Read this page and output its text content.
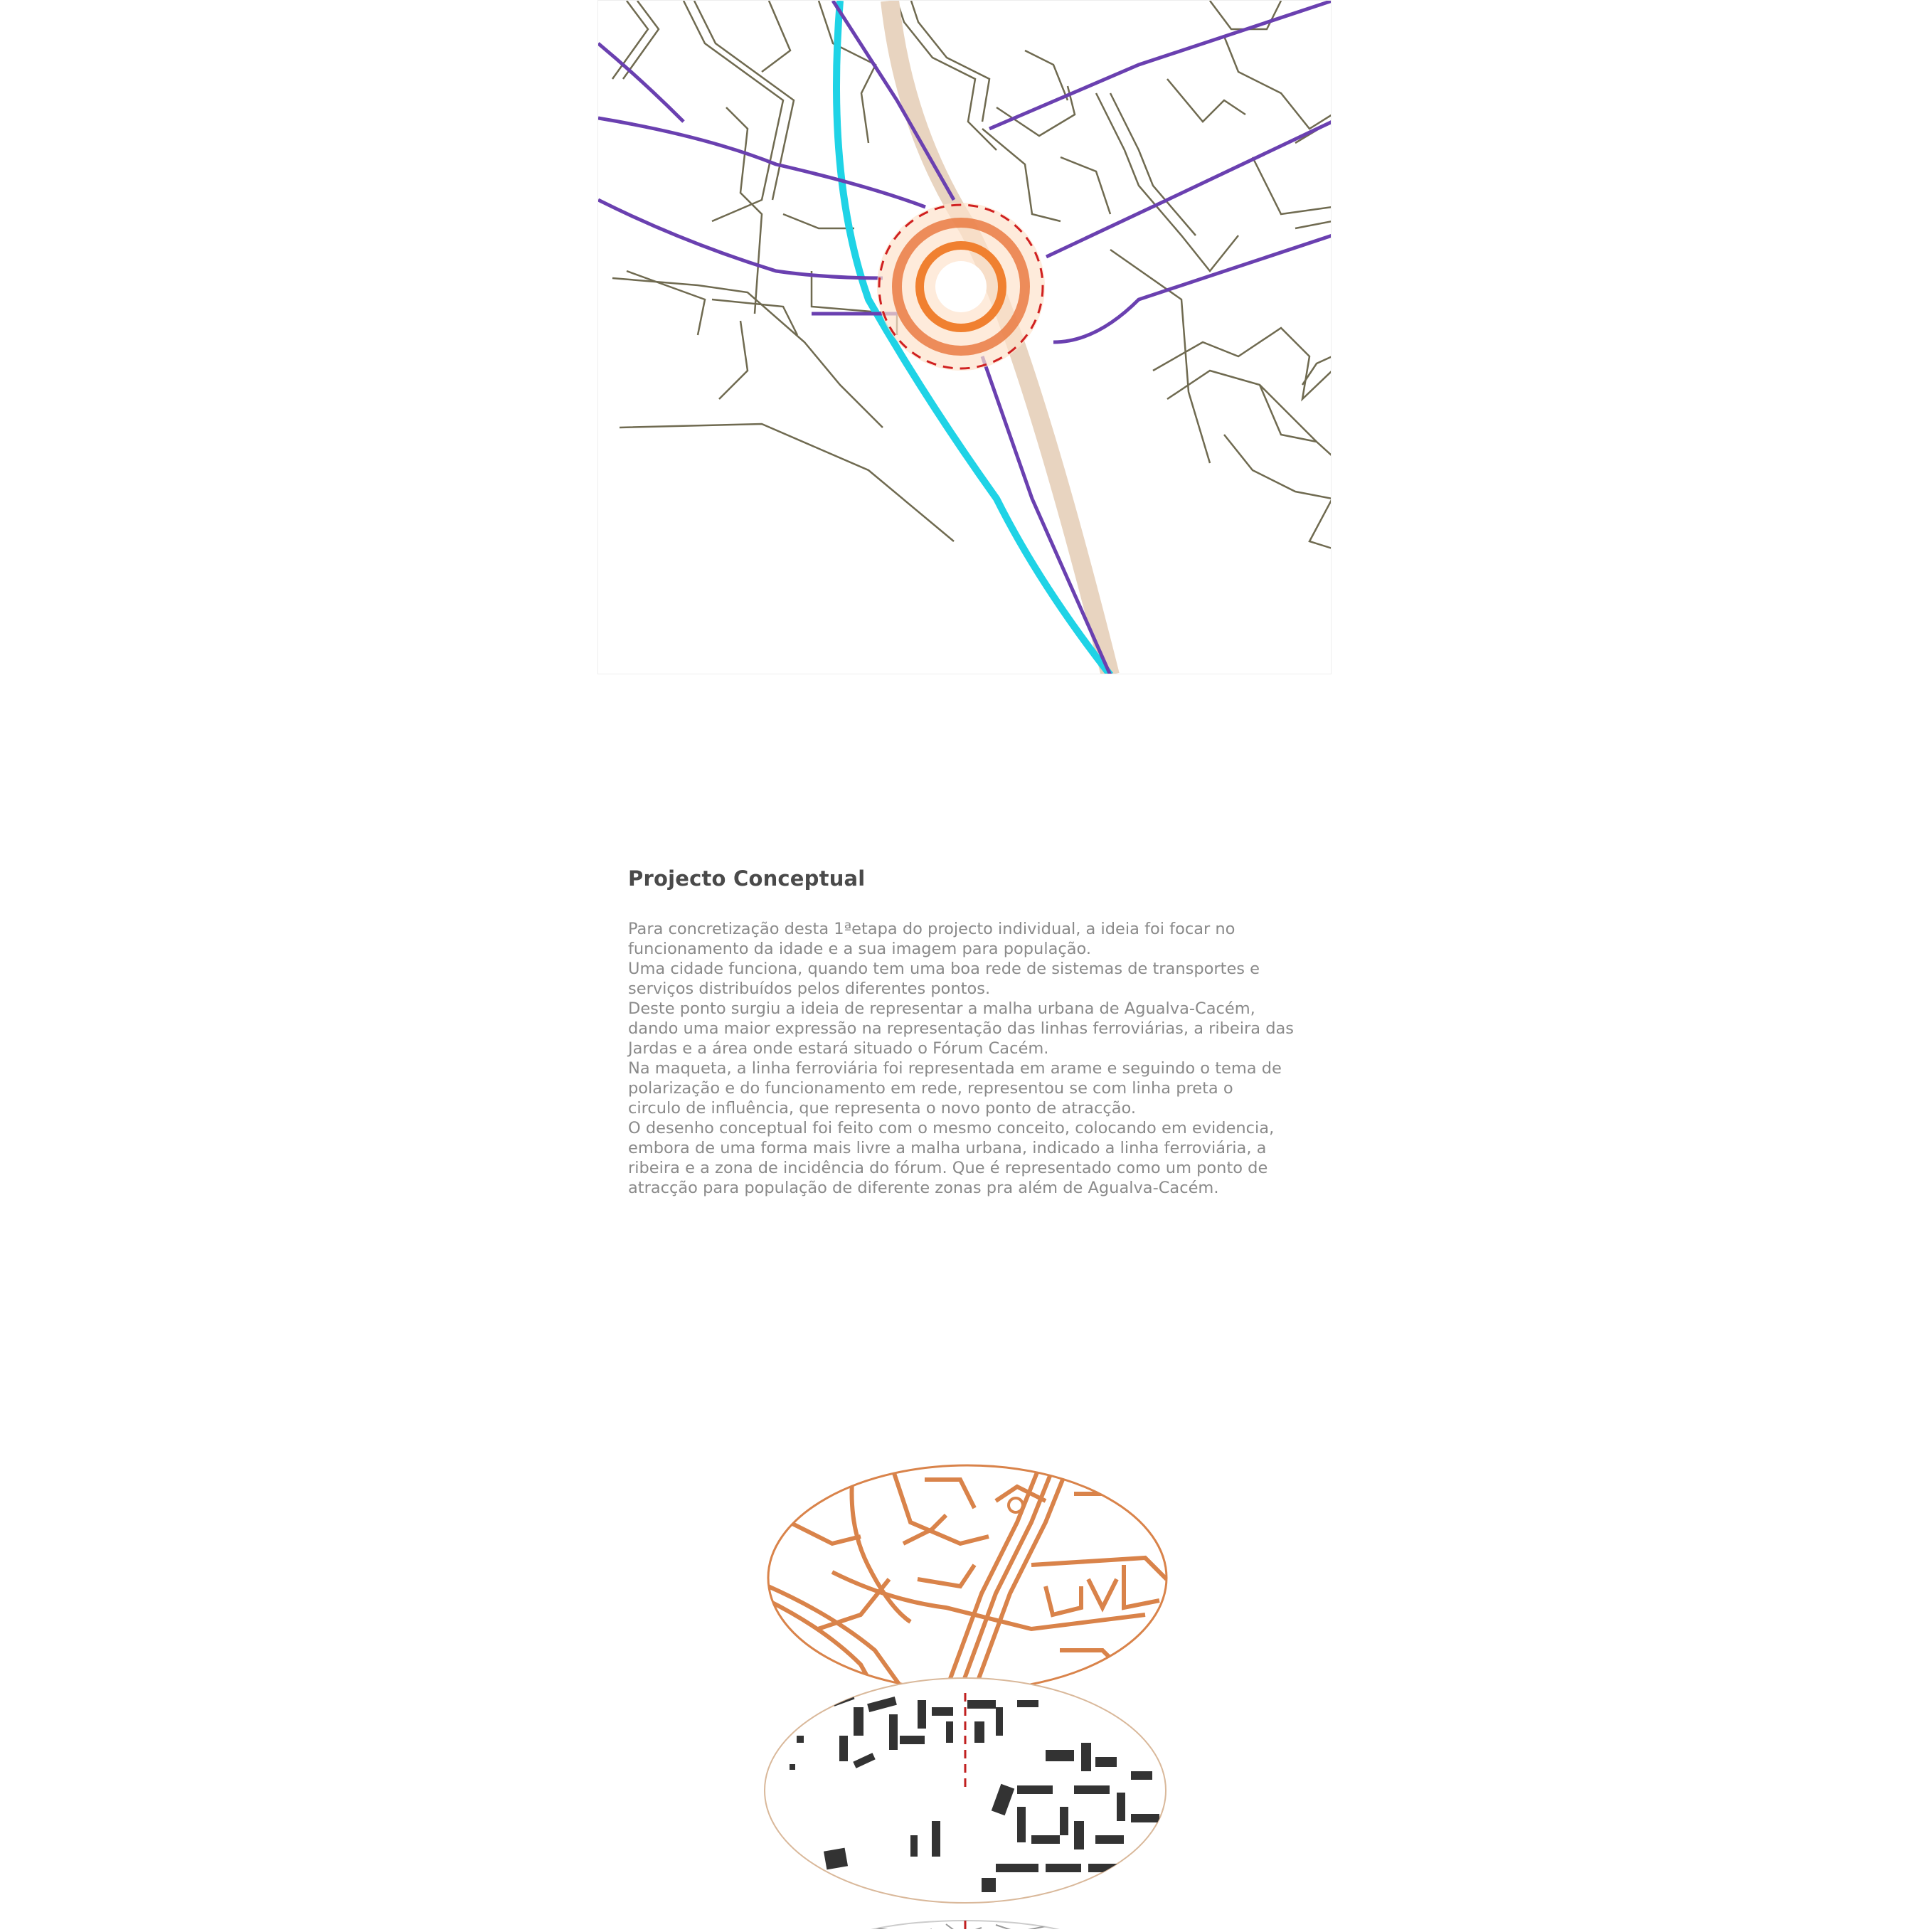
Projecto Conceptual

Para concretização desta 1ªetapa do projecto individual, a ideia foi focar no

funcionamento da idade e a sua imagem para população.

Uma cidade funciona, quando tem uma boa rede de sistemas de transportes e

serviços distribuídos pelos diferentes pontos.

Deste ponto surgiu a ideia de representar a malha urbana de Agualva-Cacém,

dando uma maior expressão na representação das linhas ferroviárias, a ribeira das

Jardas e a área onde estará situado o Fórum Cacém.

Na maqueta, a linha ferroviária foi representada em arame e seguindo o tema de

polarização e do funcionamento em rede, representou se com linha preta o

circulo de influência, que representa o novo ponto de atracção.

O desenho conceptual foi feito com o mesmo conceito, colocando em evidencia,

embora de uma forma mais livre a malha urbana, indicado a linha ferroviária, a

ribeira e a zona de incidência do fórum. Que é representado como um ponto de

atracção para população de diferente zonas pra além de Agualva-Cacém.
